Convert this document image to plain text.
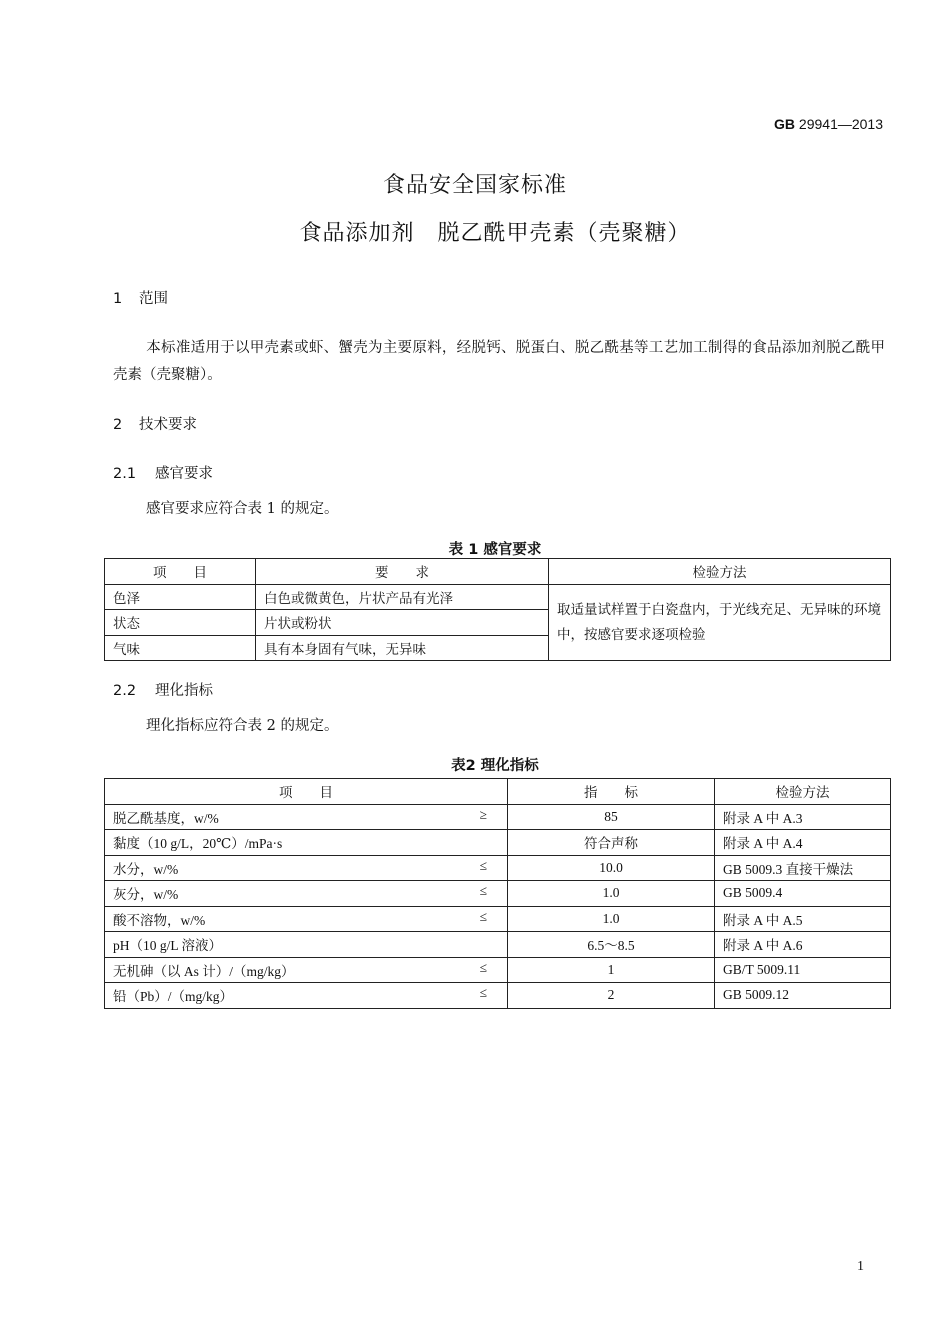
GB 29941—2013
食品安全国家标准
食品添加剂　脱乙酰甲壳素（壳聚糖）
1 范围
本标准适用于以甲壳素或虾、蟹壳为主要原料，经脱钙、脱蛋白、脱乙酰基等工艺加工制得的食品添加剂脱乙酰甲壳素（壳聚糖）。
2 技术要求
2.1 感官要求
感官要求应符合表 1 的规定。
表 1 感官要求
项　　目	要　　求	检验方法
色泽	白色或微黄色，片状产品有光泽	取适量试样置于白瓷盘内，于光线充足、无异味的环境中，按感官要求逐项检验
状态	片状或粉状	
气味	具有本身固有气味，无异味	
2.2 理化指标
理化指标应符合表 2 的规定。
表2 理化指标
项　　目	指　　标	检验方法
脱乙酰基度，w/% ≥	85	附录 A 中 A.3
黏度（10 g/L，20℃）/mPa·s	符合声称	附录 A 中 A.4
水分，w/% ≤	10.0	GB 5009.3 直接干燥法
灰分，w/% ≤	1.0	GB 5009.4
酸不溶物，w/% ≤	1.0	附录 A 中 A.5
pH（10 g/L 溶液）	6.5～8.5	附录 A 中 A.6
无机砷（以 As 计）/（mg/kg） ≤	1	GB/T 5009.11
铅（Pb）/（mg/kg） ≤	2	GB 5009.12
1
